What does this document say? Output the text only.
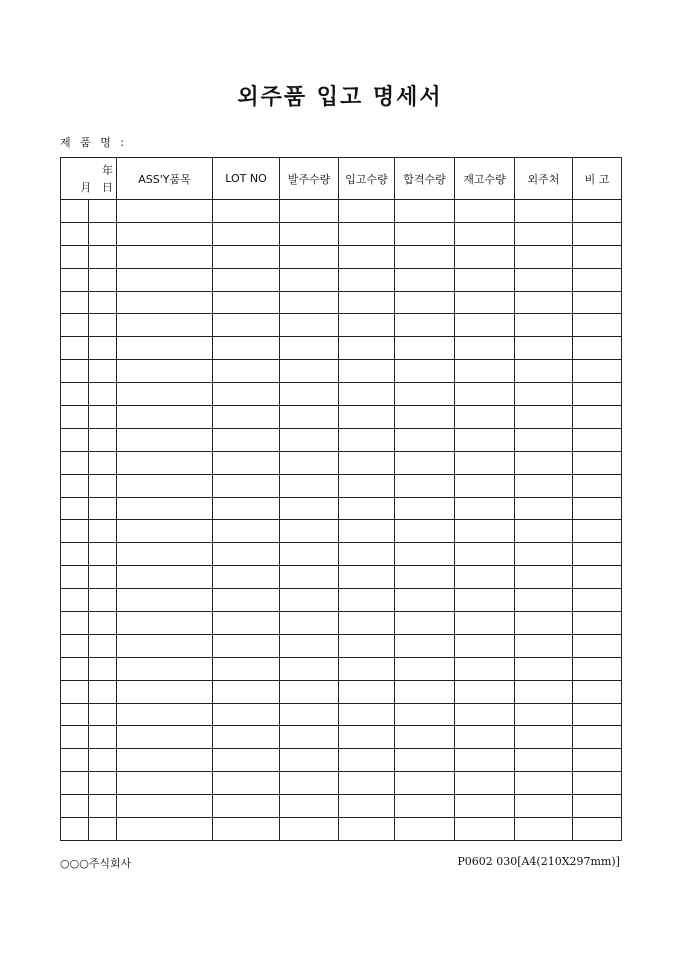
외주품 입고 명세서
제 품 명 :
年
月 日		ASS'Y품목	LOT NO	발주수량	입고수량	합격수량	재고수량	외주처	비 고

○○○주식회사	P0602 030[A4(210X297mm)]
